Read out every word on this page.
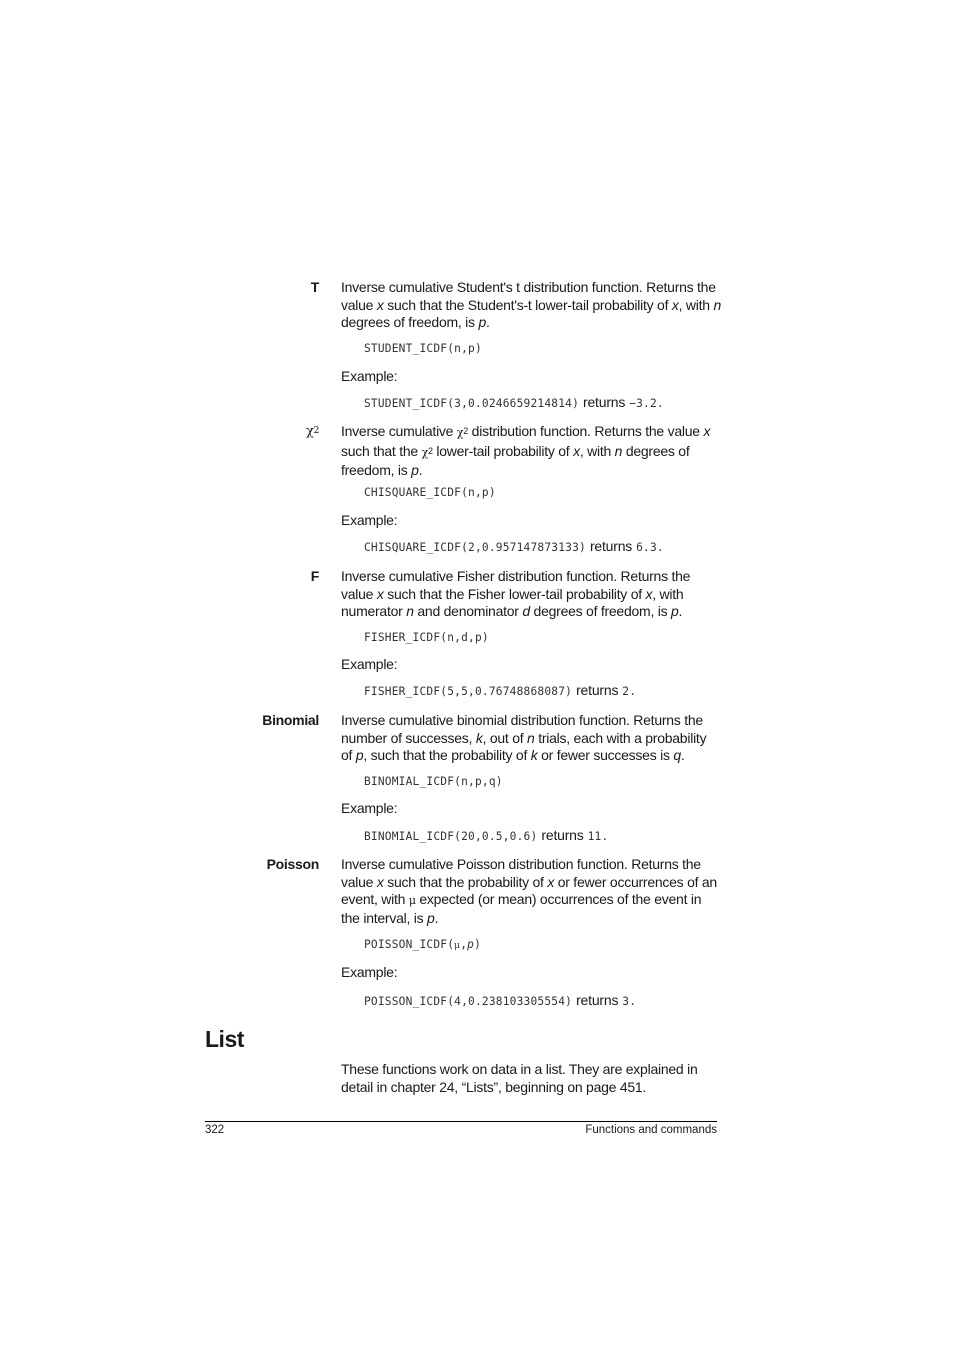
T Inverse cumulative Student's t distribution function. Returns the value x such that the Student's-t lower-tail probability of x, with n degrees of freedom, is p.
STUDENT_ICDF(n,p)
Example:
STUDENT_ICDF(3,0.0246659214814) returns −3.2.
$\chi^2$ Inverse cumulative $\chi^2$ distribution function. Returns the value x such that the $\chi^2$ lower-tail probability of x, with n degrees of freedom, is p.
CHISQUARE_ICDF(n,p)
Example:
CHISQUARE_ICDF(2,0.957147873133) returns 6.3.
F Inverse cumulative Fisher distribution function. Returns the value x such that the Fisher lower-tail probability of x, with numerator n and denominator d degrees of freedom, is p.
FISHER_ICDF(n,d,p)
Example:
FISHER_ICDF(5,5,0.76748868087) returns 2.
Binomial Inverse cumulative binomial distribution function. Returns the number of successes, k, out of n trials, each with a probability of p, such that the probability of k or fewer successes is q.
BINOMIAL_ICDF(n,p,q)
Example:
BINOMIAL_ICDF(20,0.5,0.6) returns 11.
Poisson Inverse cumulative Poisson distribution function. Returns the value x such that the probability of x or fewer occurrences of an event, with μ expected (or mean) occurrences of the event in the interval, is p.
POISSON_ICDF(μ,p)
Example:
POISSON_ICDF(4,0.238103305554) returns 3.
List
These functions work on data in a list. They are explained in detail in chapter 24, “Lists”, beginning on page 451.
322	Functions and commands
